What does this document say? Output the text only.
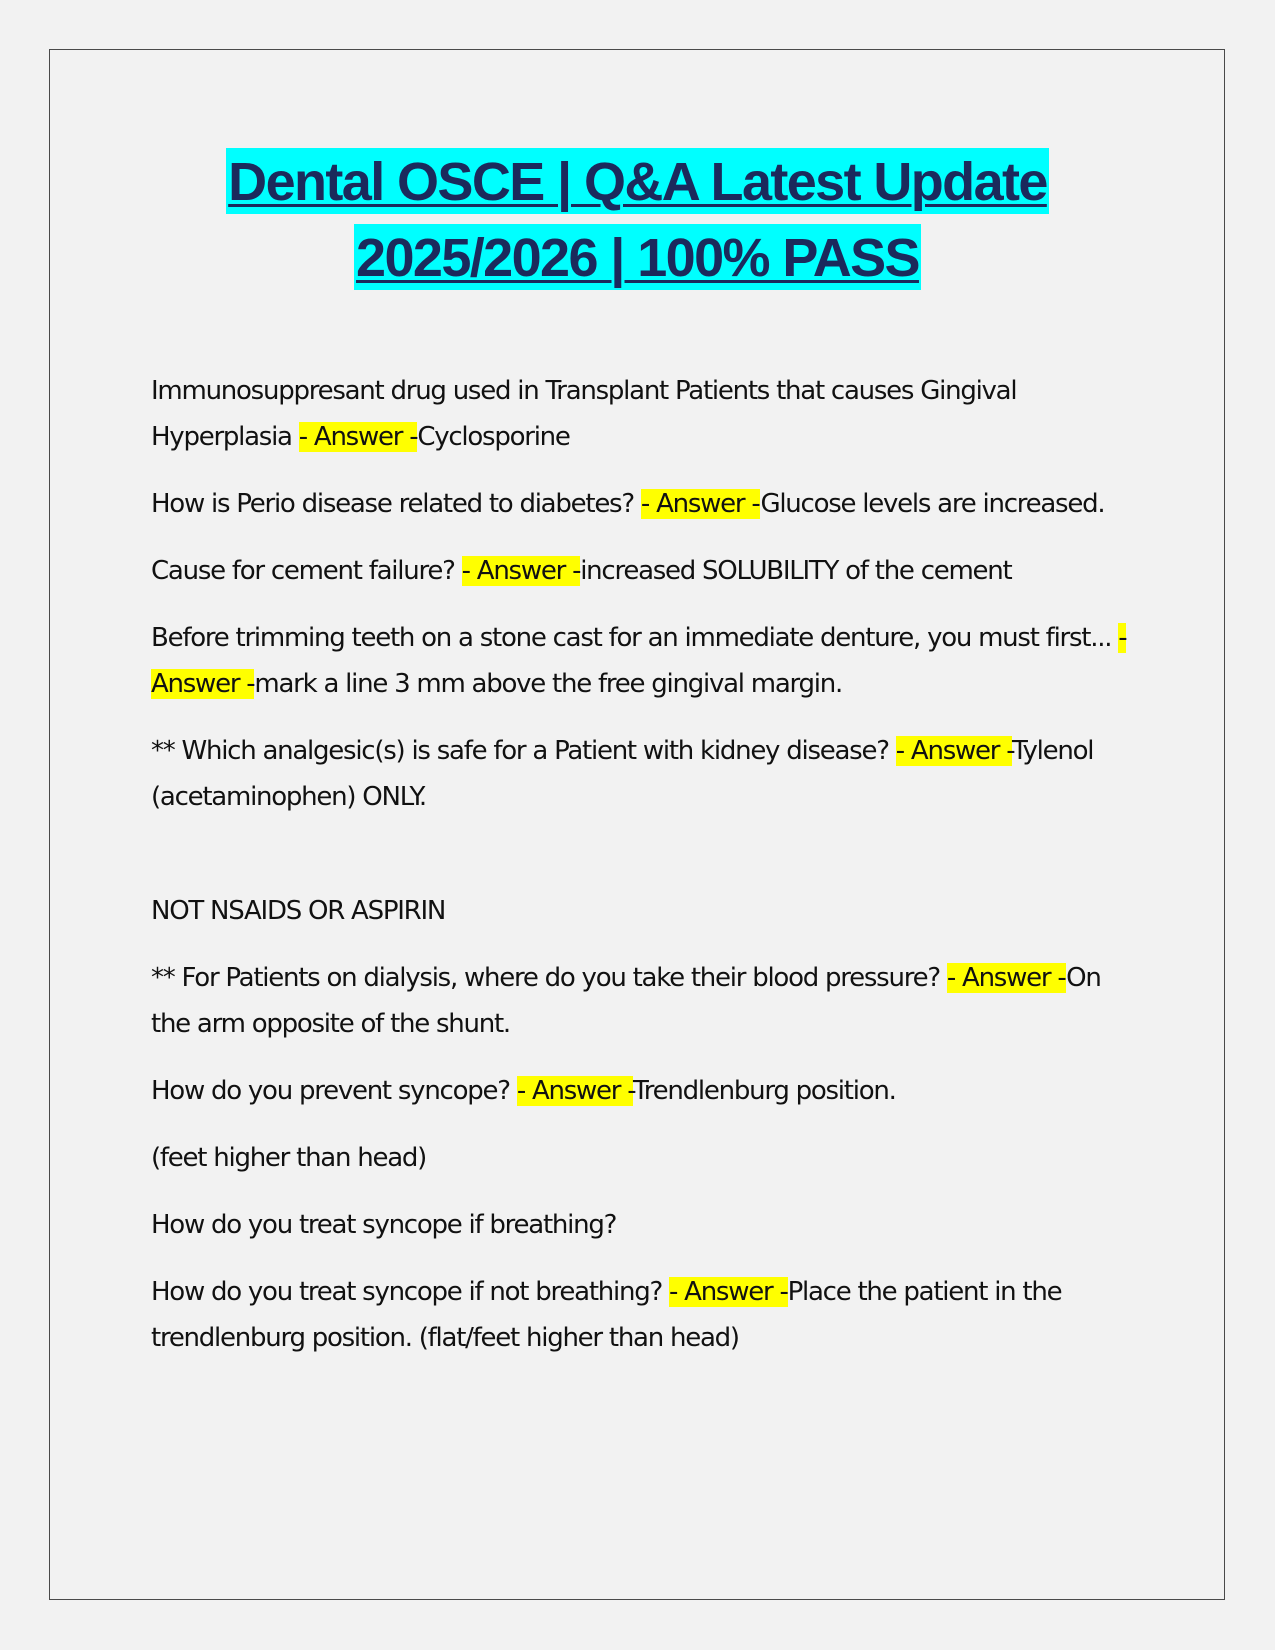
Dental OSCE | Q&A Latest Update
2025/2026 | 100% PASS

Immunosuppresant drug used in Transplant Patients that causes Gingival Hyperplasia - Answer -Cyclosporine

How is Perio disease related to diabetes? - Answer -Glucose levels are increased.

Cause for cement failure? - Answer -increased SOLUBILITY of the cement

Before trimming teeth on a stone cast for an immediate denture, you must first... - Answer -mark a line 3 mm above the free gingival margin.

** Which analgesic(s) is safe for a Patient with kidney disease? - Answer -Tylenol (acetaminophen) ONLY.

NOT NSAIDS OR ASPIRIN

** For Patients on dialysis, where do you take their blood pressure? - Answer -On the arm opposite of the shunt.

How do you prevent syncope? - Answer -Trendlenburg position.

(feet higher than head)

How do you treat syncope if breathing?

How do you treat syncope if not breathing? - Answer -Place the patient in the trendlenburg position. (flat/feet higher than head)
